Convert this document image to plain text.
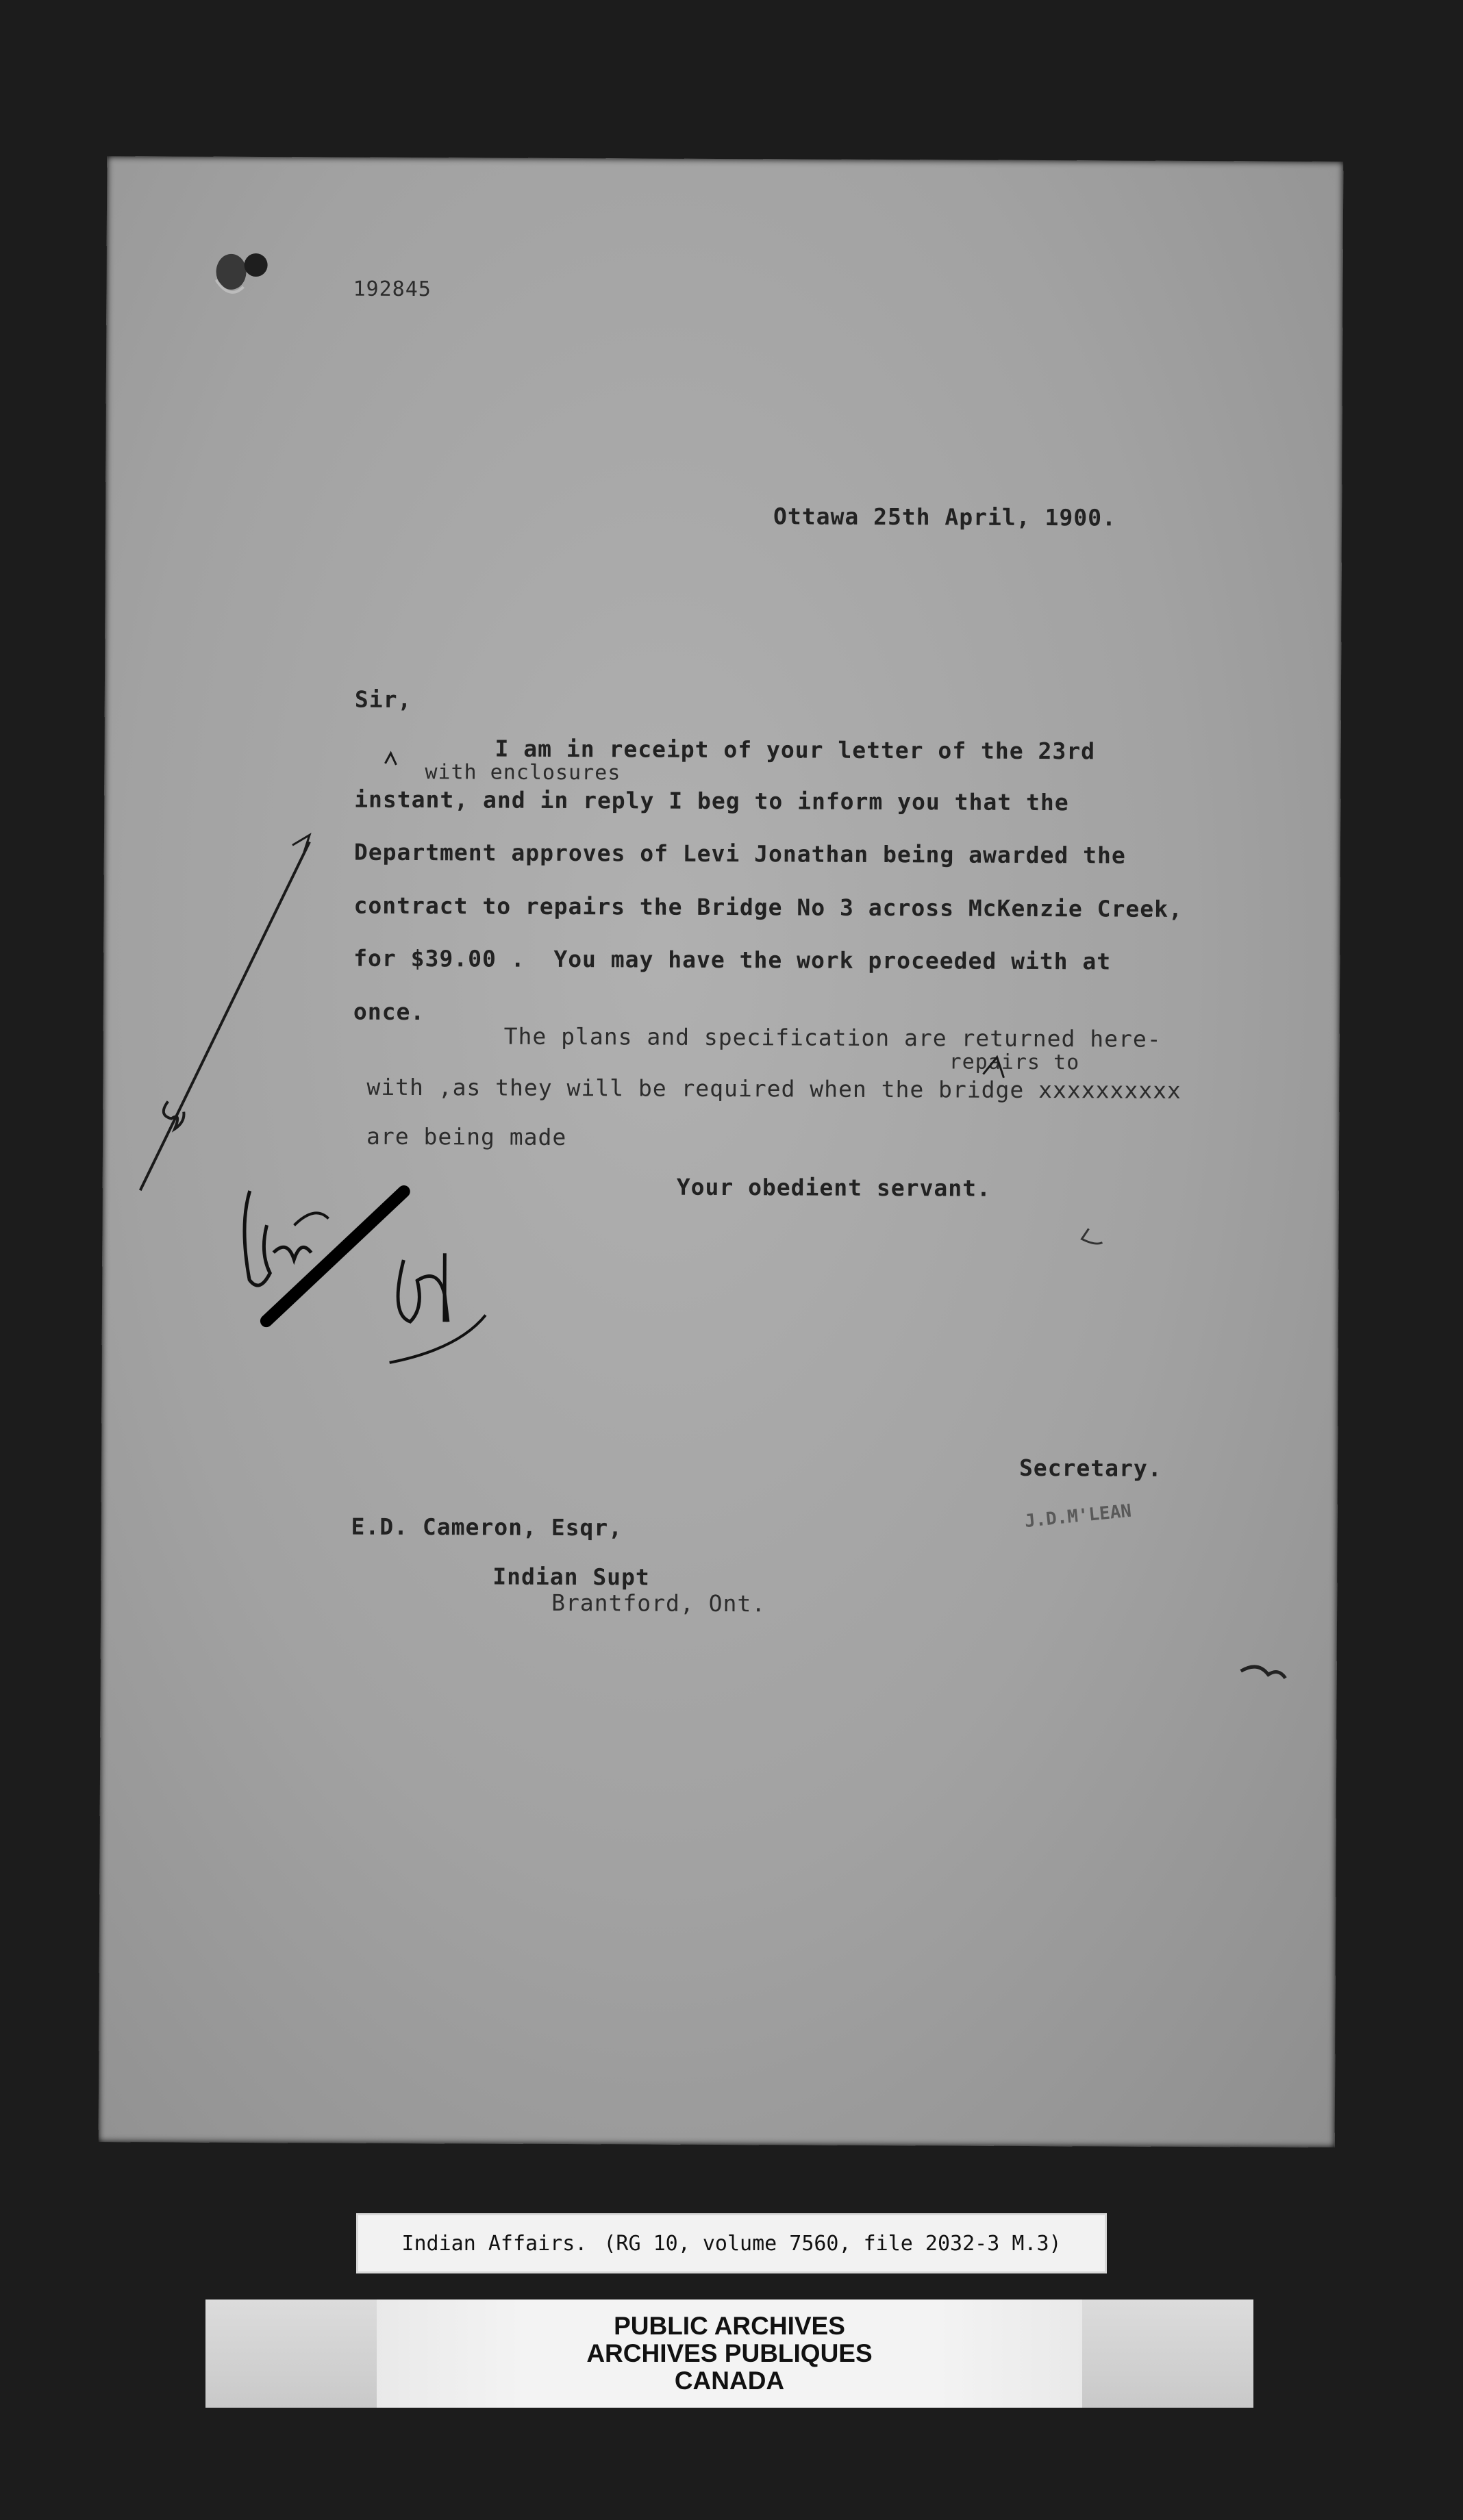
192845
Ottawa 25th April, 1900.
Sir,
I am in receipt of your letter of the 23rd
with enclosures
instant, and in reply I beg to inform you that the
Department approves of Levi Jonathan being awarded the
contract to repairs the Bridge No 3 across McKenzie Creek,
for $39.00 .  You may have the work proceeded with at
once.
The plans and specification are returned here-
repairs to
with ,as they will be required when the bridge xxxxxxxxxx
are being made
Your obedient servant.
J.D.M'LEAN
Secretary.
E.D. Cameron, Esqr,
Indian Supt
Brantford, Ont.
Indian Affairs. (RG 10, volume 7560, file 2032-3 M.3)
PUBLIC ARCHIVES
ARCHIVES PUBLIQUES
CANADA
